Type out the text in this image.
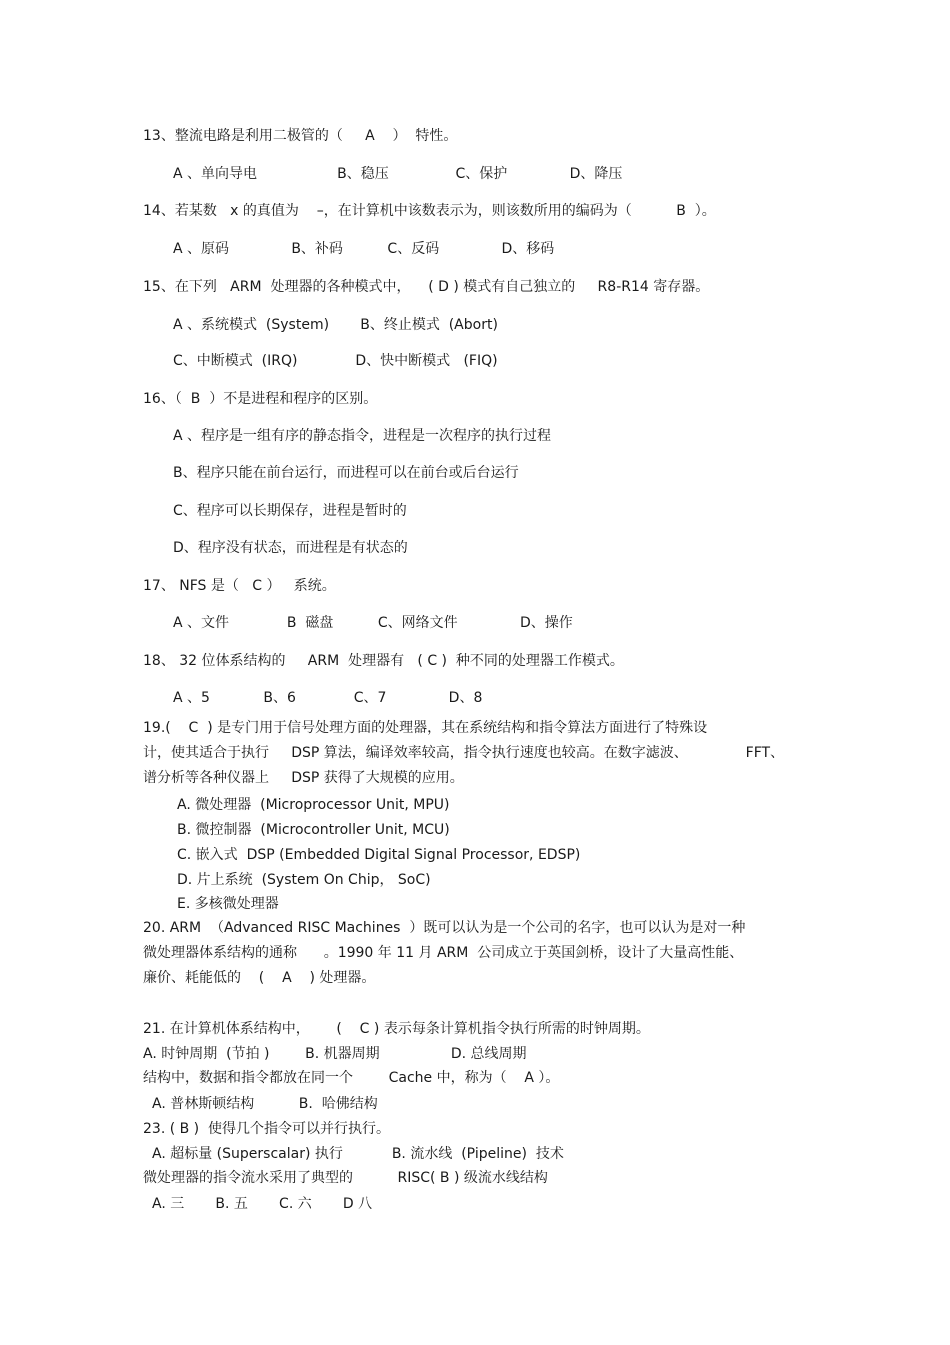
13、整流电路是利用二极管的（     A    ）  特性。
A 、单向导电                  B、稳压               C、保护              D、降压
14、若某数   x 的真值为    –，在计算机中该数表示为，则该数所用的编码为（          B  ）。
A 、原码              B、补码          C、反码              D、移码
15、在下列   ARM  处理器的各种模式中，    ( D ) 模式有自己独立的     R8-R14 寄存器。
A 、系统模式  (System)       B、终止模式  (Abort)
C、中断模式  (IRQ)             D、快中断模式   (FIQ)
16、（  B  ）不是进程和程序的区别。
A 、程序是一组有序的静态指令，进程是一次程序的执行过程
B、程序只能在前台运行，而进程可以在前台或后台运行
C、程序可以长期保存，进程是暂时的
D、程序没有状态，而进程是有状态的
17、 NFS 是（   C ）   系统。
A 、文件             B  磁盘          C、网络文件              D、操作
18、 32 位体系结构的     ARM  处理器有   ( C )  种不同的处理器工作模式。
A 、5            B、6             C、7              D、8
19.(    C  ) 是专门用于信号处理方面的处理器，其在系统结构和指令算法方面进行了特殊设
计，使其适合于执行     DSP 算法，编译效率较高，指令执行速度也较高。在数字滤波、             FFT、
谱分析等各种仪器上     DSP 获得了大规模的应用。
A. 微处理器  (Microprocessor Unit, MPU)
B. 微控制器  (Microcontroller Unit, MCU)
C. 嵌入式  DSP (Embedded Digital Signal Processor, EDSP)
D. 片上系统  (System On Chip， SoC)
E. 多核微处理器
20. ARM  （Advanced RISC Machines  ）既可以认为是一个公司的名字，也可以认为是对一种
微处理器体系结构的通称      。1990 年 11 月 ARM  公司成立于英国剑桥，设计了大量高性能、
廉价、耗能低的    (    A    ) 处理器。
21. 在计算机体系结构中，      (    C ) 表示每条计算机指令执行所需的时钟周期。
A. 时钟周期  (节拍 )        B. 机器周期                D. 总线周期
结构中，数据和指令都放在同一个        Cache 中，称为（    A ）。
A. 普林斯顿结构          B.  哈佛结构
23. ( B )  使得几个指令可以并行执行。
A. 超标量 (Superscalar) 执行           B. 流水线  (Pipeline)  技术
微处理器的指令流水采用了典型的          RISC( B ) 级流水线结构
A. 三       B. 五       C. 六       D 八
